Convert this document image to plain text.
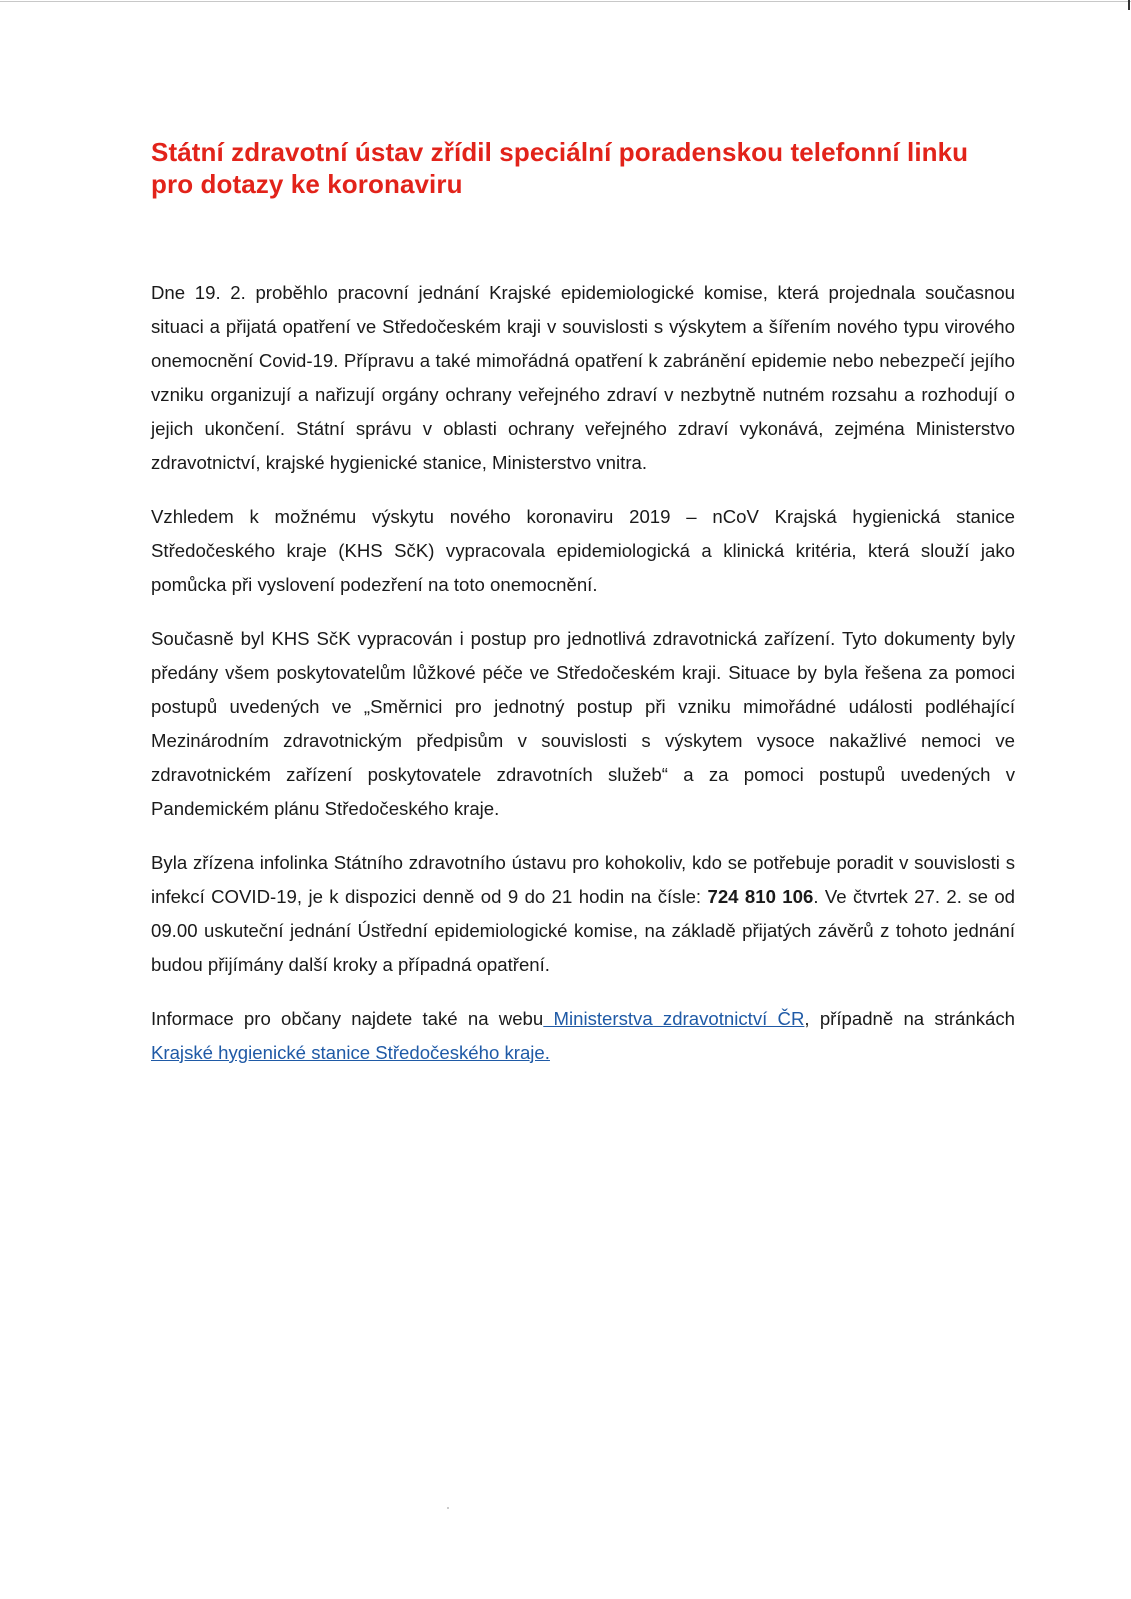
Státní zdravotní ústav zřídil speciální poradenskou telefonní linku pro dotazy ke koronaviru

Dne 19. 2. proběhlo pracovní jednání Krajské epidemiologické komise, která projednala současnou situaci a přijatá opatření ve Středočeském kraji v souvislosti s výskytem a šířením nového typu virového onemocnění Covid-19. Přípravu a také mimořádná opatření k zabránění epidemie nebo nebezpečí jejího vzniku organizují a nařizují orgány ochrany veřejného zdraví v nezbytně nutném rozsahu a rozhodují o jejich ukončení. Státní správu v oblasti ochrany veřejného zdraví vykonává, zejména Ministerstvo zdravotnictví, krajské hygienické stanice, Ministerstvo vnitra.

Vzhledem k možnému výskytu nového koronaviru 2019 – nCoV Krajská hygienická stanice Středočeského kraje (KHS SčK) vypracovala epidemiologická a klinická kritéria, která slouží jako pomůcka při vyslovení podezření na toto onemocnění.

Současně byl KHS SčK vypracován i postup pro jednotlivá zdravotnická zařízení. Tyto dokumenty byly předány všem poskytovatelům lůžkové péče ve Středočeském kraji. Situace by byla řešena za pomoci postupů uvedených ve „Směrnici pro jednotný postup při vzniku mimořádné události podléhající Mezinárodním zdravotnickým předpisům v souvislosti s výskytem vysoce nakažlivé nemoci ve zdravotnickém zařízení poskytovatele zdravotních služeb“ a za pomoci postupů uvedených v Pandemickém plánu Středočeského kraje.

Byla zřízena infolinka Státního zdravotního ústavu pro kohokoliv, kdo se potřebuje poradit v souvislosti s infekcí COVID-19, je k dispozici denně od 9 do 21 hodin na čísle: 724 810 106. Ve čtvrtek 27. 2. se od 09.00 uskuteční jednání Ústřední epidemiologické komise, na základě přijatých závěrů z tohoto jednání budou přijímány další kroky a případná opatření.

Informace pro občany najdete také na webu Ministerstva zdravotnictví ČR, případně na stránkách Krajské hygienické stanice Středočeského kraje.
